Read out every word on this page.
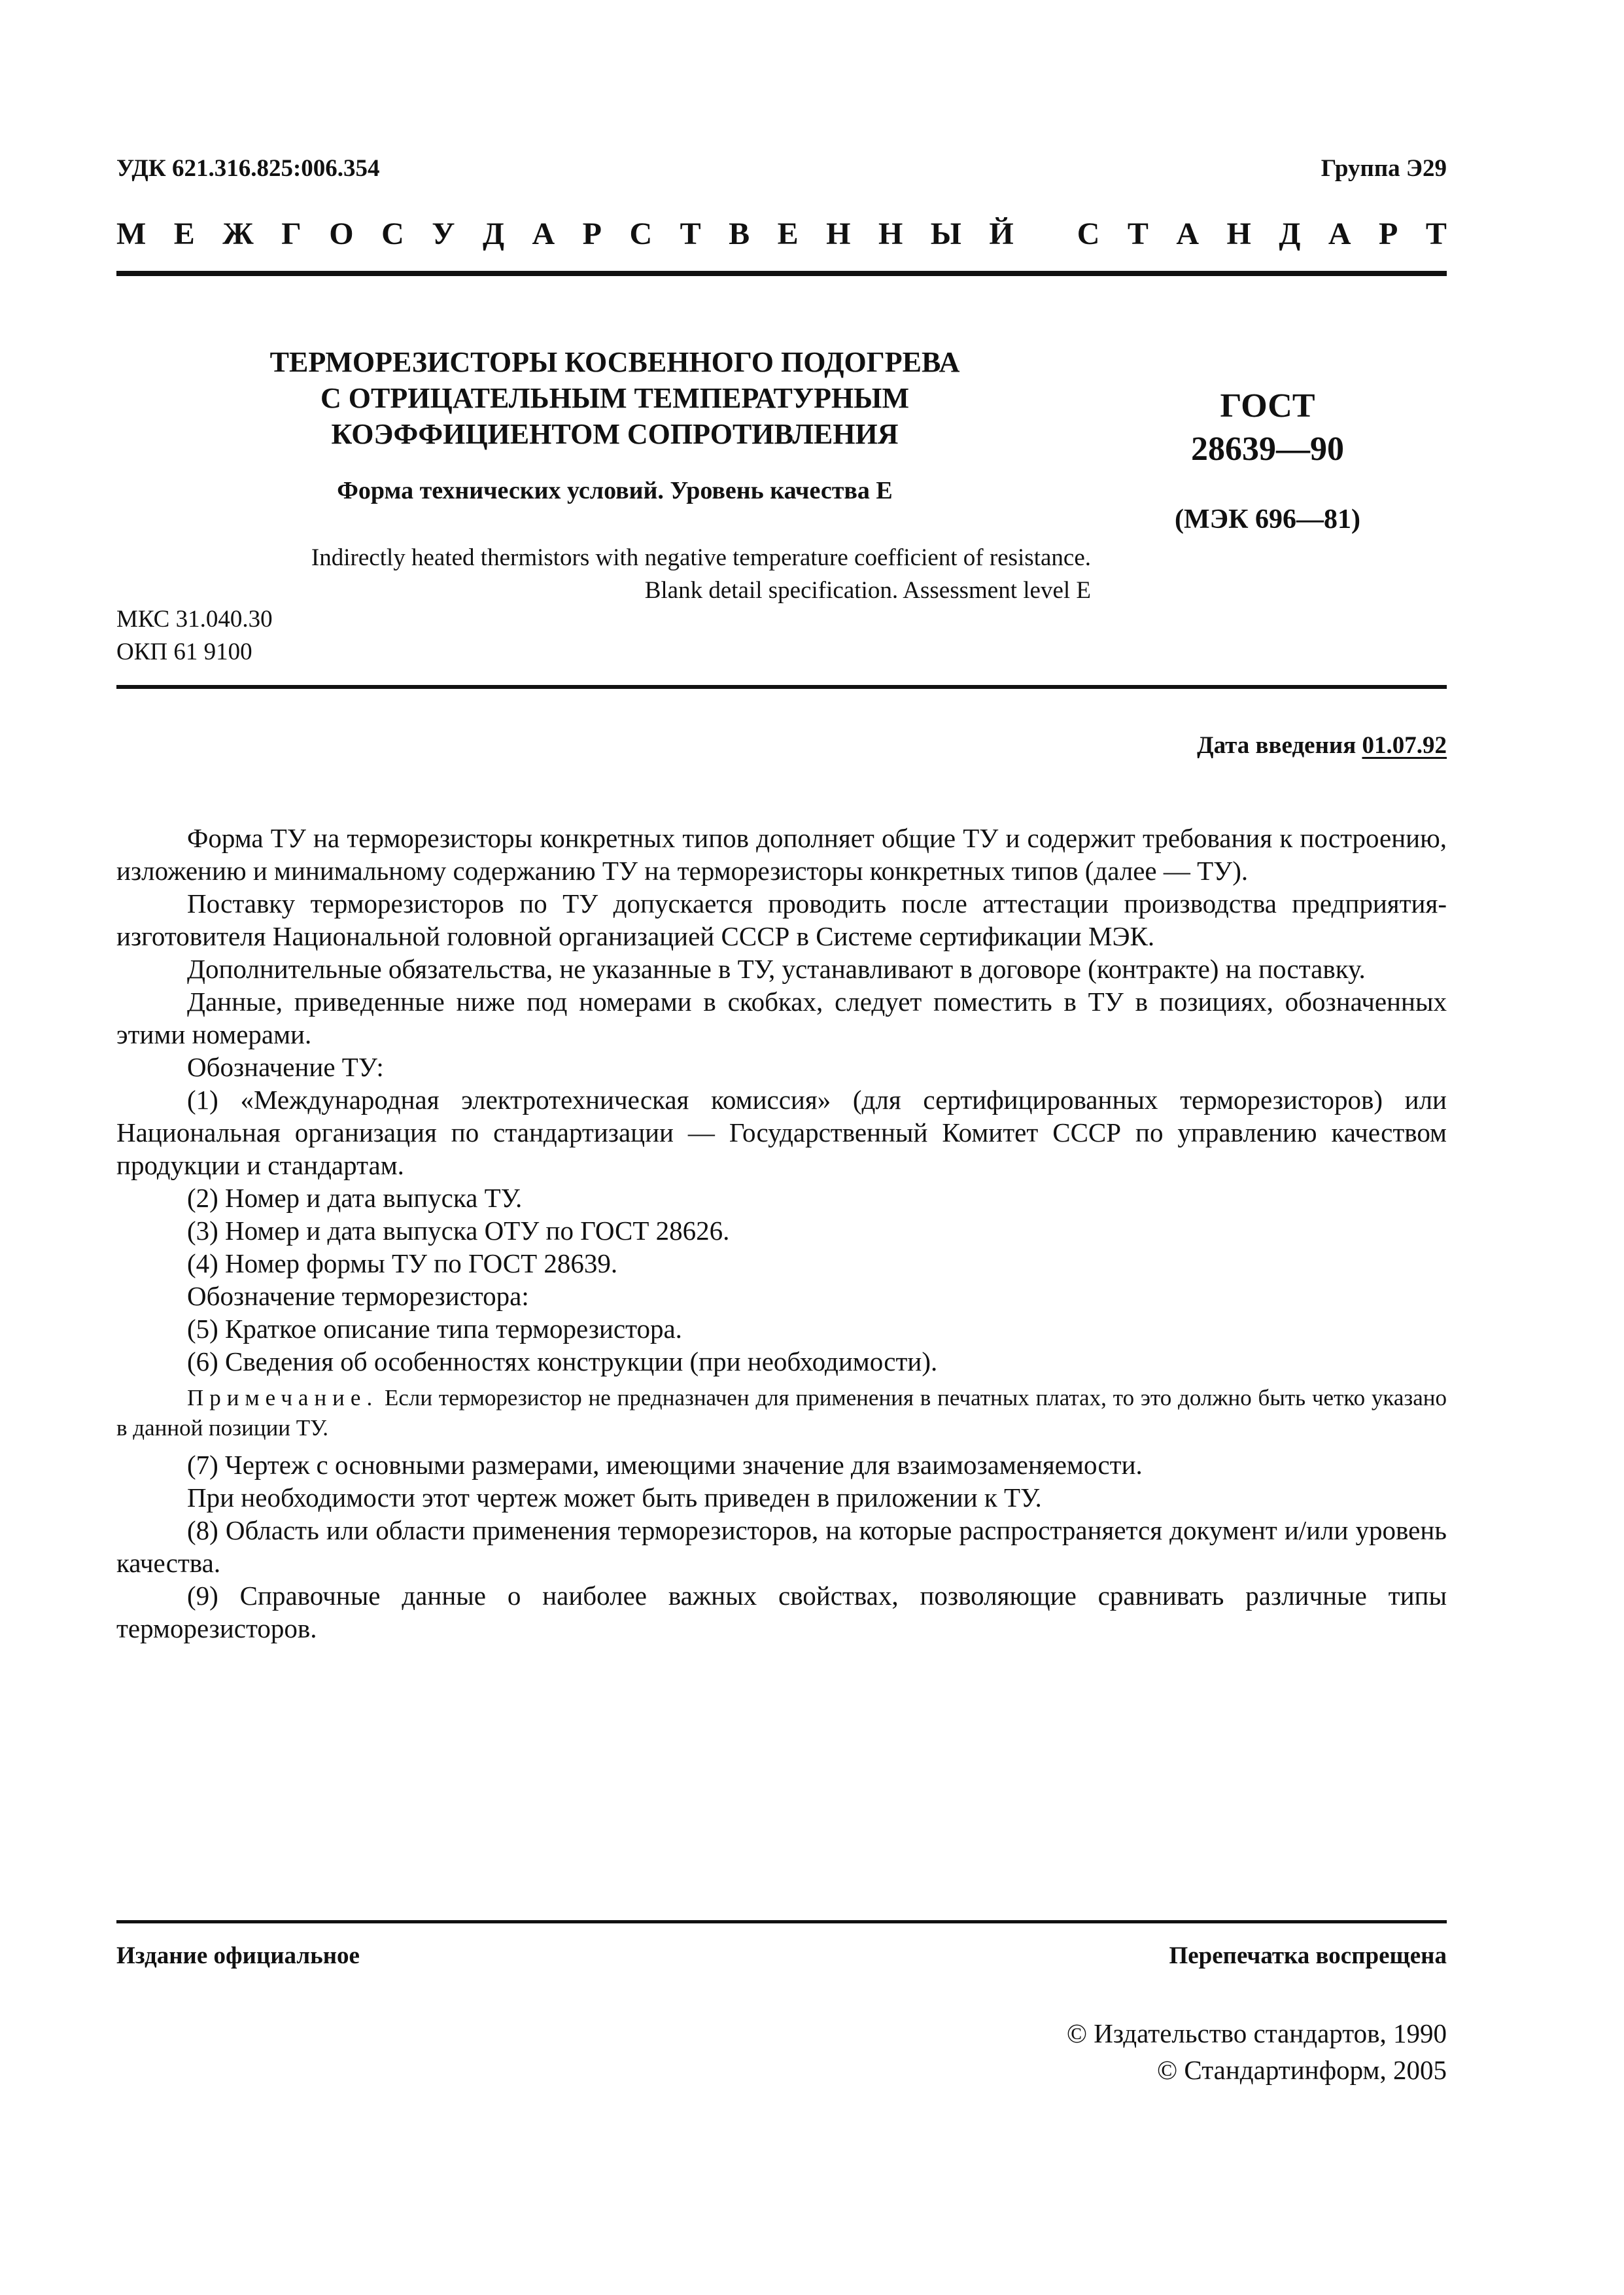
УДК 621.316.825:006.354	Группа Э29
М Е Ж Г О С У Д А Р С Т В Е Н Н Ы Й
С Т А Н Д А Р Т
ТЕРМОРЕЗИСТОРЫ КОСВЕННОГО ПОДОГРЕВА
С ОТРИЦАТЕЛЬНЫМ ТЕМПЕРАТУРНЫМ
КОЭФФИЦИЕНТОМ СОПРОТИВЛЕНИЯ
Форма технических условий. Уровень качества E
ГОСТ
28639—90
(МЭК 696—81)
Indirectly heated thermistors with negative temperature coefficient of resistance.
Blank detail specification. Assessment level E
МКС 31.040.30
ОКП 61 9100
Дата введения 01.07.92

Форма ТУ на терморезисторы конкретных типов дополняет общие ТУ и содержит требования к построению, изложению и минимальному содержанию ТУ на терморезисторы конкретных типов (далее — ТУ).

Поставку терморезисторов по ТУ допускается проводить после аттестации производства предприятия-изготовителя Национальной головной организацией СССР в Системе сертификации МЭК.

Дополнительные обязательства, не указанные в ТУ, устанавливают в договоре (контракте) на поставку.

Данные, приведенные ниже под номерами в скобках, следует поместить в ТУ в позициях, обозначенных этими номерами.

Обозначение ТУ:

(1) «Международная электротехническая комиссия» (для сертифицированных терморезисторов) или Национальная организация по стандартизации — Государственный Комитет СССР по управлению качеством продукции и стандартам.

(2) Номер и дата выпуска ТУ.

(3) Номер и дата выпуска ОТУ по ГОСТ 28626.

(4) Номер формы ТУ по ГОСТ 28639.

Обозначение терморезистора:

(5) Краткое описание типа терморезистора.

(6) Сведения об особенностях конструкции (при необходимости).

Примечание. Если терморезистор не предназначен для применения в печатных платах, то это должно быть четко указано в данной позиции ТУ.

(7) Чертеж с основными размерами, имеющими значение для взаимозаменяемости.

При необходимости этот чертеж может быть приведен в приложении к ТУ.

(8) Область или области применения терморезисторов, на которые распространяется документ и/или уровень качества.

(9) Справочные данные о наиболее важных свойствах, позволяющие сравнивать различные типы терморезисторов.

Издание официальное	Перепечатка воспрещена
© Издательство стандартов, 1990
© Стандартинформ, 2005
